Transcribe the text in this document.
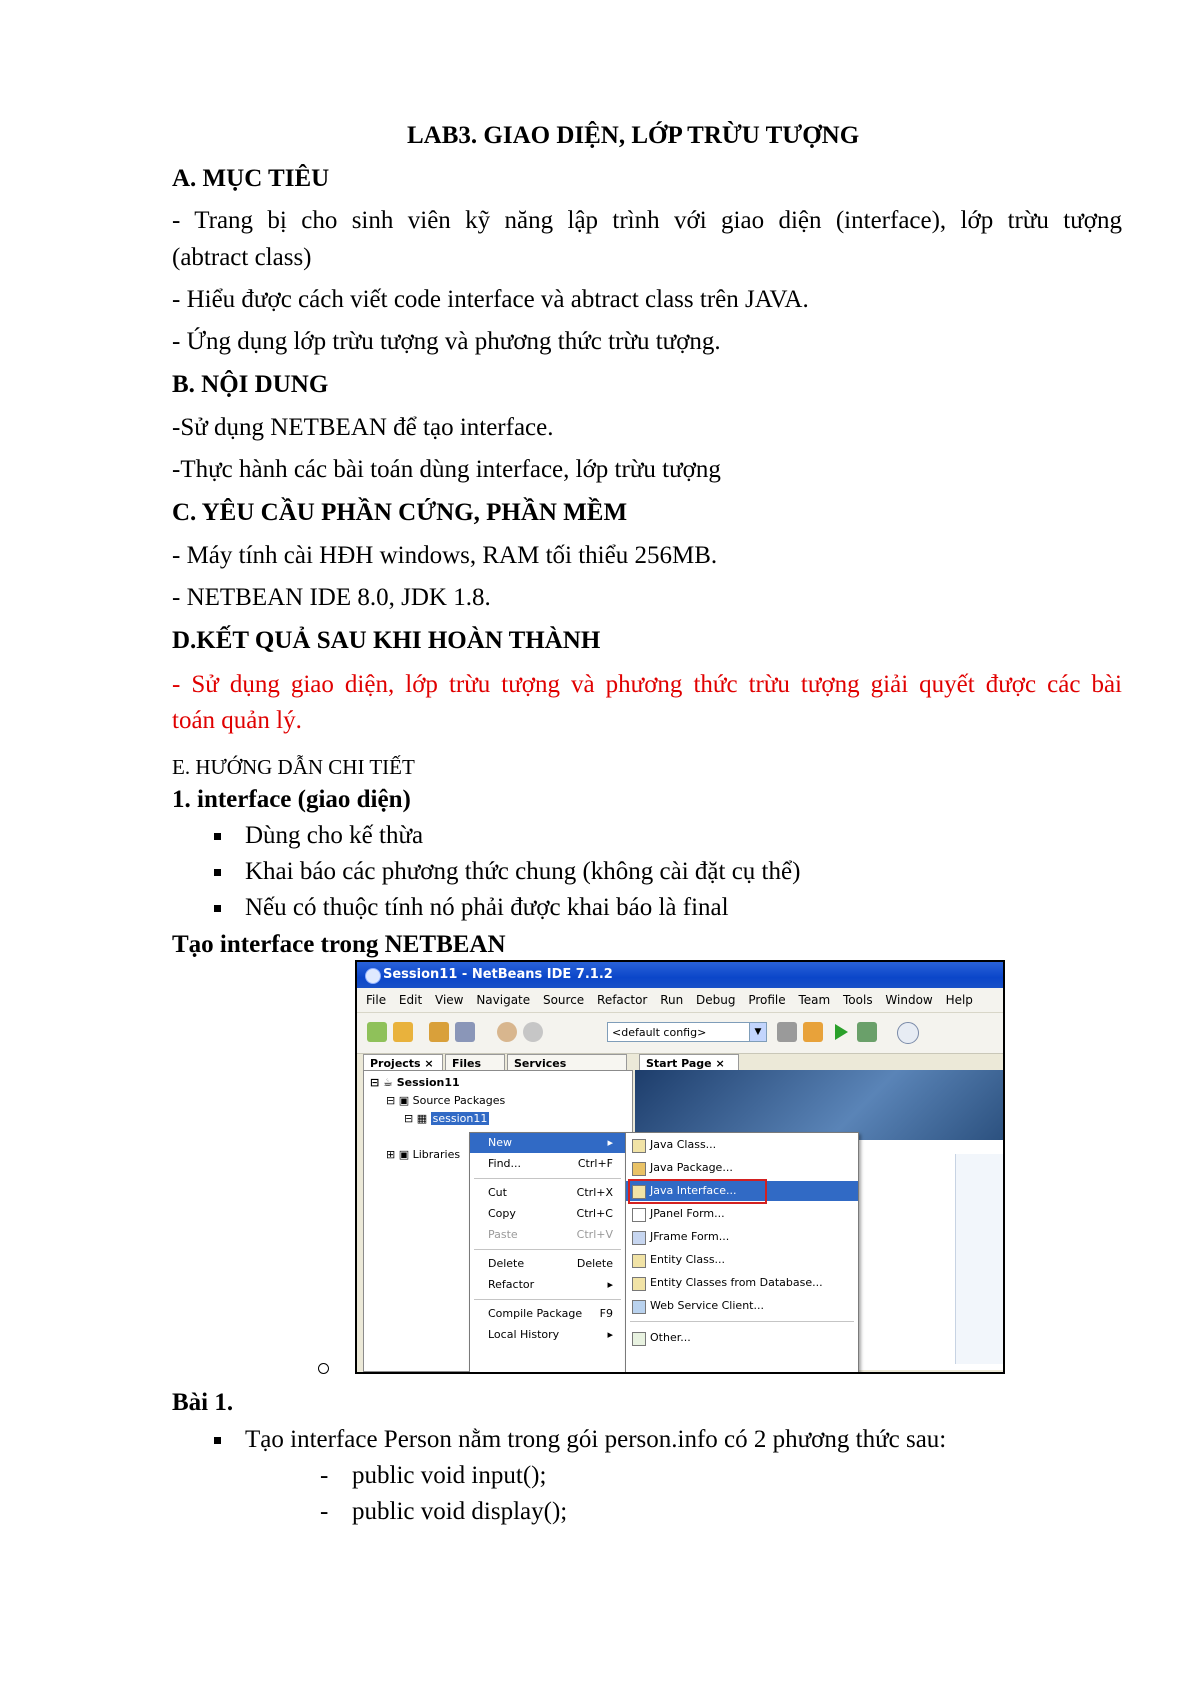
LAB3. GIAO DIỆN, LỚP TRỪU TƯỢNG
A. MỤC TIÊU
- Trang bị cho sinh viên kỹ năng lập trình với giao diện (interface), lớp trừu tượng
(abtract class)
- Hiểu được cách viết code interface và abtract class trên JAVA.
- Ứng dụng lớp trừu tượng và phương thức trừu tượng.
B. NỘI DUNG
-Sử dụng NETBEAN để tạo interface.
-Thực hành các bài toán dùng interface, lớp trừu tượng
C. YÊU CẦU PHẦN CỨNG, PHẦN MỀM
- Máy tính cài HĐH windows, RAM tối thiểu 256MB.
- NETBEAN IDE 8.0, JDK 1.8.
D.KẾT QUẢ SAU KHI HOÀN THÀNH
- Sử dụng giao diện, lớp trừu tượng và phương thức trừu tượng giải quyết được các bài
toán quản lý.
E. HƯỚNG DẪN CHI TIẾT
1. interface (giao diện)
Dùng cho kế thừa
Khai báo các phương thức chung (không cài đặt cụ thể)
Nếu có thuộc tính nó phải được khai báo là final
Tạo interface trong NETBEAN
Session11 - NetBeans IDE 7.1.2
File Edit View Navigate Source Refactor Run Debug Profile Team Tools Window Help
<default config>	▼
Projects ×	Files	Services	Start Page ×
⊟ ☕ Session11
⊟ ▣ Source Packages
⊟ ▦ session11
⊞ ▣ Libraries
New	▸
Find...	Ctrl+F
Cut	Ctrl+X
Copy	Ctrl+C
Paste	Ctrl+V
Delete	Delete
Refactor	▸
Compile Package F9
Local History	▸
Java Class...
Java Package...
Java Interface...
JPanel Form...
JFrame Form...
Entity Class...
Entity Classes from Database...
Web Service Client...
Other...
Bài 1.
Tạo interface Person nằm trong gói person.info có 2 phương thức sau:
- public void input();
- public void display();
